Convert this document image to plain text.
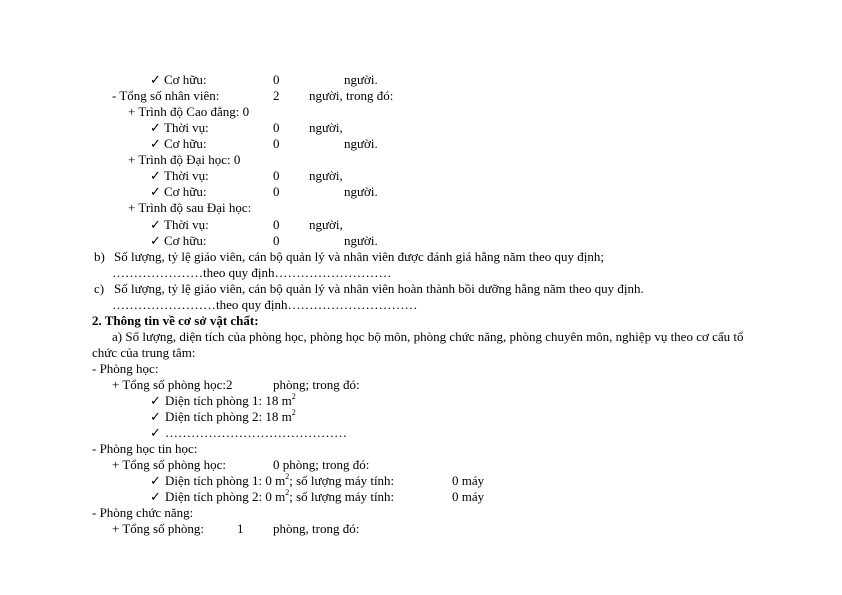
✓ Cơ hữu:	0	người.
- Tổng số nhân viên:	2 người, trong đó:
+ Trình độ Cao đẳng: 0
✓ Thời vụ:	0 người,
✓ Cơ hữu:	0	người.
+ Trình độ Đại học: 0
✓ Thời vụ:	0 người,
✓ Cơ hữu:	0	người.
+ Trình độ sau Đại học:
✓ Thời vụ:	0 người,
✓ Cơ hữu:	0	người.
b) Số lượng, tỷ lệ giáo viên, cán bộ quản lý và nhân viên được đánh giá hằng năm theo quy định;
…………………theo quy định………………………
c) Số lượng, tỷ lệ giáo viên, cán bộ quản lý và nhân viên hoàn thành bồi dưỡng hằng năm theo quy định.
……………………theo quy định…………………………
2. Thông tin về cơ sở vật chất:
a) Số lượng, diện tích của phòng học, phòng học bộ môn, phòng chức năng, phòng chuyên môn, nghiệp vụ theo cơ cấu tổ
chức của trung tâm:
- Phòng học:
+ Tổng số phòng học:2	phòng; trong đó:
✓ Diện tích phòng 1: 18 $m^2$
✓ Diện tích phòng 2: 18 $m^2$
✓ ……………………………………
- Phòng học tin học:
+ Tổng số phòng học:	0 phòng; trong đó:
✓ Diện tích phòng 1: 0 $m^2$; số lượng máy tính:	0 máy
✓ Diện tích phòng 2: 0 $m^2$; số lượng máy tính:	0 máy
- Phòng chức năng:
+ Tổng số phòng:	1 phòng, trong đó:
